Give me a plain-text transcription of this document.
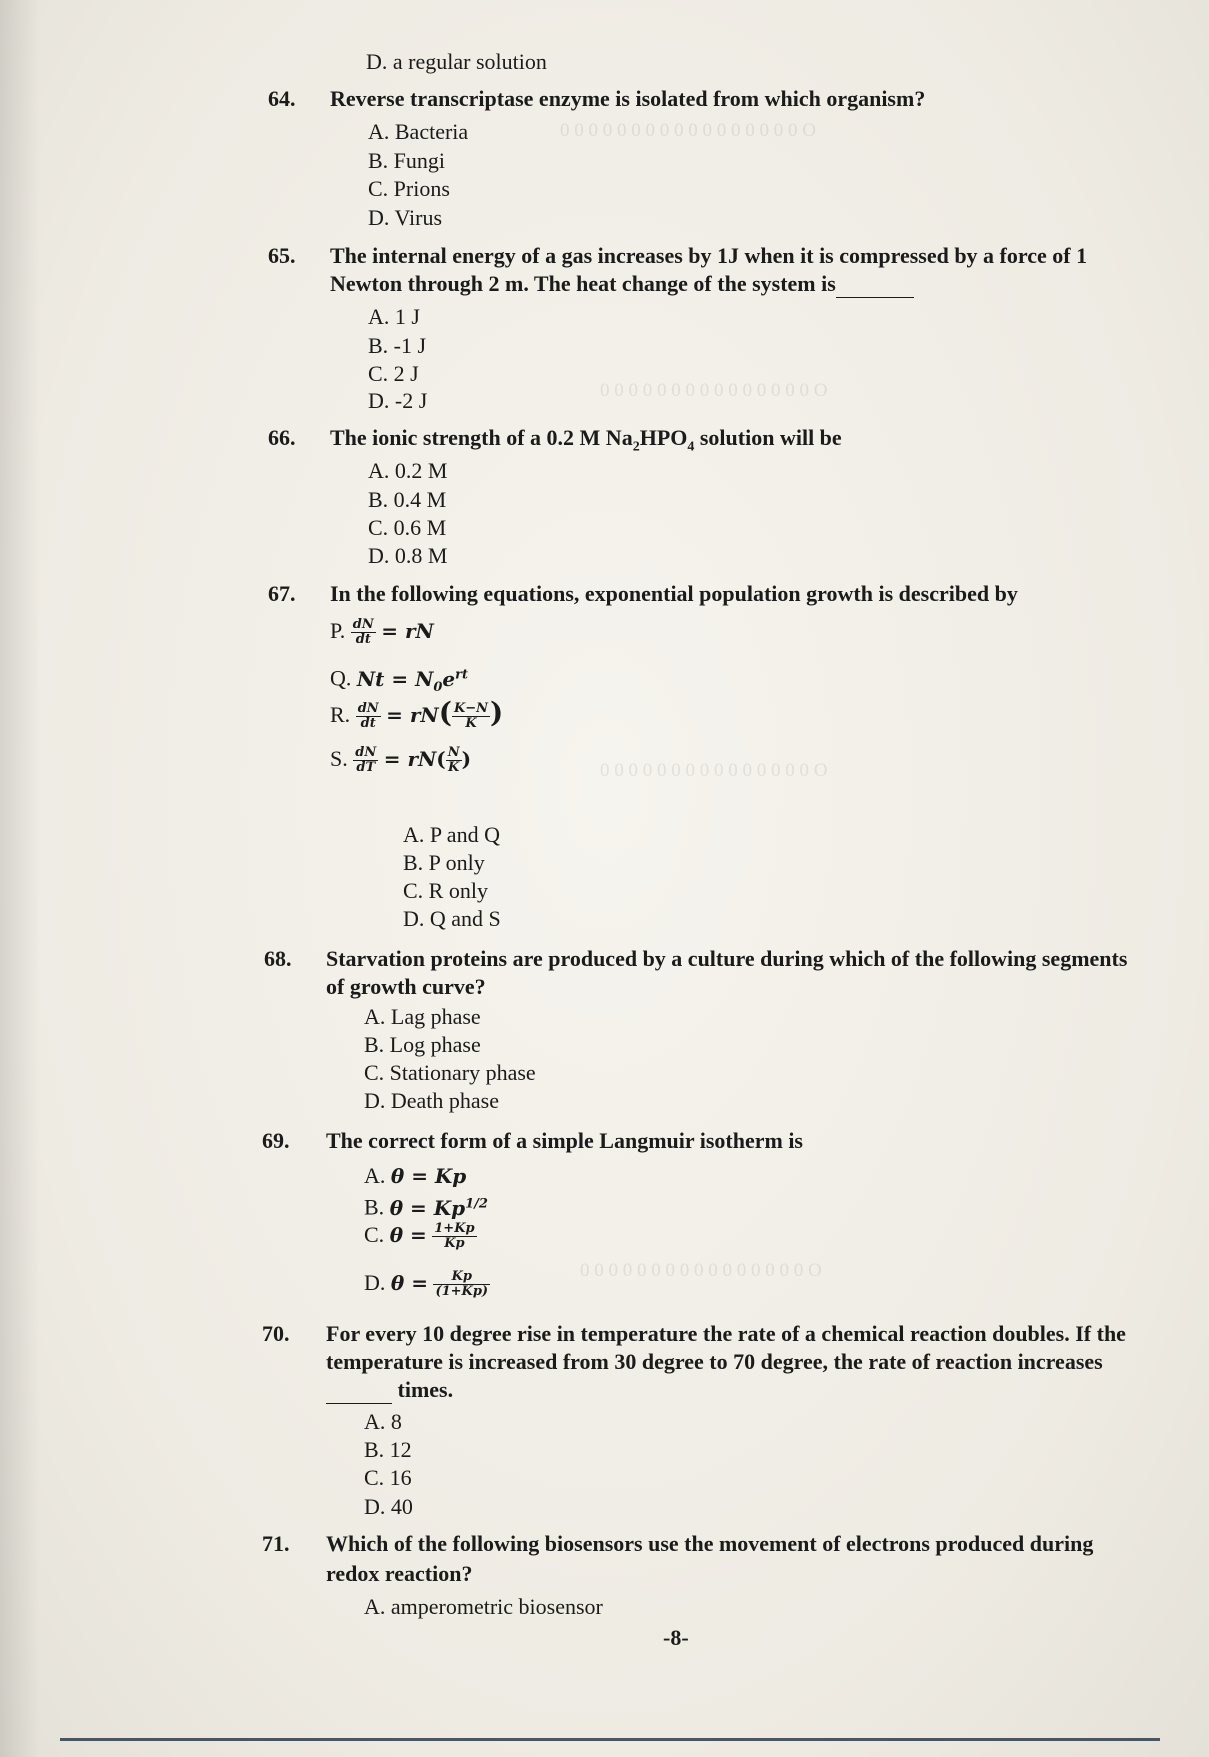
O 0 0 0 0 0 0 0 0 0 0 0 0 0 0 0 0 0
O 0 0 0 0 0 0 0 0 0 0 0 0 0 0 0
O 0 0 0 0 0 0 0 0 0 0 0 0 0 0 0
O 0 0 0 0 0 0 0 0 0 0 0 0 0 0 0 0
D. a regular solution
64. Reverse transcriptase enzyme is isolated from which organism?
A. Bacteria
B. Fungi
C. Prions
D. Virus
65. The internal energy of a gas increases by 1J when it is compressed by a force of 1
Newton through 2 m. The heat change of the system is
A. 1 J
B. -1 J
C. 2 J
D. -2 J
66. The ionic strength of a 0.2 M $Na_2HPO_4$ solution will be
A. 0.2 M
B. 0.4 M
C. 0.6 M
D. 0.8 M
67. In the following equations, exponential population growth is described by
P. $\frac{dN}{dt}$ = rN
Q. $Nt = N_0e^{rt}$
R. $\frac{dN}{dt} = rN( \frac{K-N}{K}$ )
S. $\frac{dN}{dT} = rN( \frac{N}{K}$ )
A. P and Q
B. P only
C. R only
D. Q and S
68. Starvation proteins are produced by a culture during which of the following segments
of growth curve?
A. Lag phase
B. Log phase
C. Stationary phase
D. Death phase
69. The correct form of a simple Langmuir isotherm is
A. θ = Kp
B. $\theta = Kp^{1/2}$
C. $\theta = \frac{1+Kp}{Kp}$
D. $\theta = \frac{Kp}{(1+Kp)}$
70. For every 10 degree rise in temperature the rate of a chemical reaction doubles. If the
temperature is increased from 30 degree to 70 degree, the rate of reaction increases
times.
A. 8
B. 12
C. 16
D. 40
71. Which of the following biosensors use the movement of electrons produced during
redox reaction?
A. amperometric biosensor
-8-
